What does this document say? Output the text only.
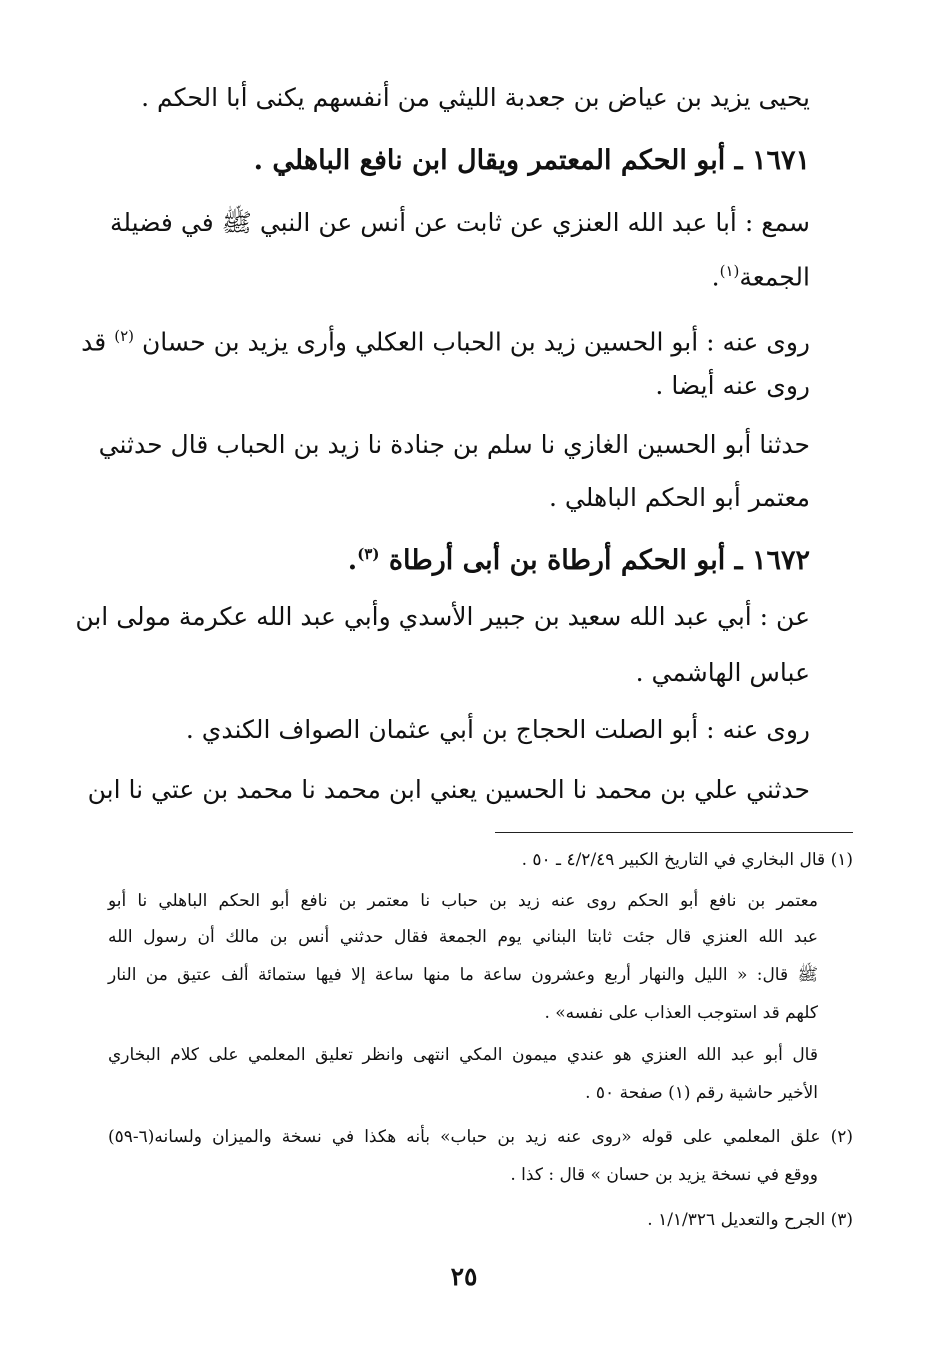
يحيى يزيد بن عياض بن جعدبة الليثي من أنفسهم يكنى أبا الحكم .
١٦٧١ ـ أبو الحكم المعتمر ويقال ابن نافع الباهلي .
سمع : أبا عبد الله العنزي عن ثابت عن أنس عن النبي ﷺ في فضيلة
الجمعة$^{(١)}$.
روى عنه : أبو الحسين زيد بن الحباب العكلي وأرى يزيد بن حسان $^{(٢)}$ قد
روى عنه أيضا .
حدثنا أبو الحسين الغازي نا سلم بن جنادة نا زيد بن الحباب قال حدثني
معتمر أبو الحكم الباهلي .
١٦٧٢ ـ أبو الحكم أرطاة بن أبى أرطاة $^{(٣)}$.
عن : أبي عبد الله سعيد بن جبير الأسدي وأبي عبد الله عكرمة مولى ابن
عباس الهاشمي .
روى عنه : أبو الصلت الحجاج بن أبي عثمان الصواف الكندي .
حدثني علي بن محمد نا الحسين يعني ابن محمد نا محمد بن عتي نا ابن
(١) قال البخاري في التاريخ الكبير ٤/٢/٤٩ ـ ٥٠ .
معتمر بن نافع أبو الحكم روى عنه زيد بن حباب نا معتمر بن نافع أبو الحكم الباهلي نا أبو
عبد الله العنزي قال جئت ثابتا البناني يوم الجمعة فقال حدثني أنس بن مالك أن رسول الله
ﷺ قال: « الليل والنهار أربع وعشرون ساعة ما منها ساعة إلا فيها ستمائة ألف عتيق من النار
كلهم قد استوجب العذاب على نفسه» .
قال أبو عبد الله العنزي هو عندي ميمون المكي انتهى وانظر تعليق المعلمي على كلام البخاري
الأخير حاشية رقم (١) صفحة ٥٠ .
(٢) علق المعلمي على قوله «روى عنه زيد بن حباب» بأنه هكذا في نسخة والميزان ولسانه(٦-٥٩)
ووقع في نسخة يزيد بن حسان » قال : كذا .
(٣) الجرح والتعديل ١/١/٣٢٦ .
٢٥
